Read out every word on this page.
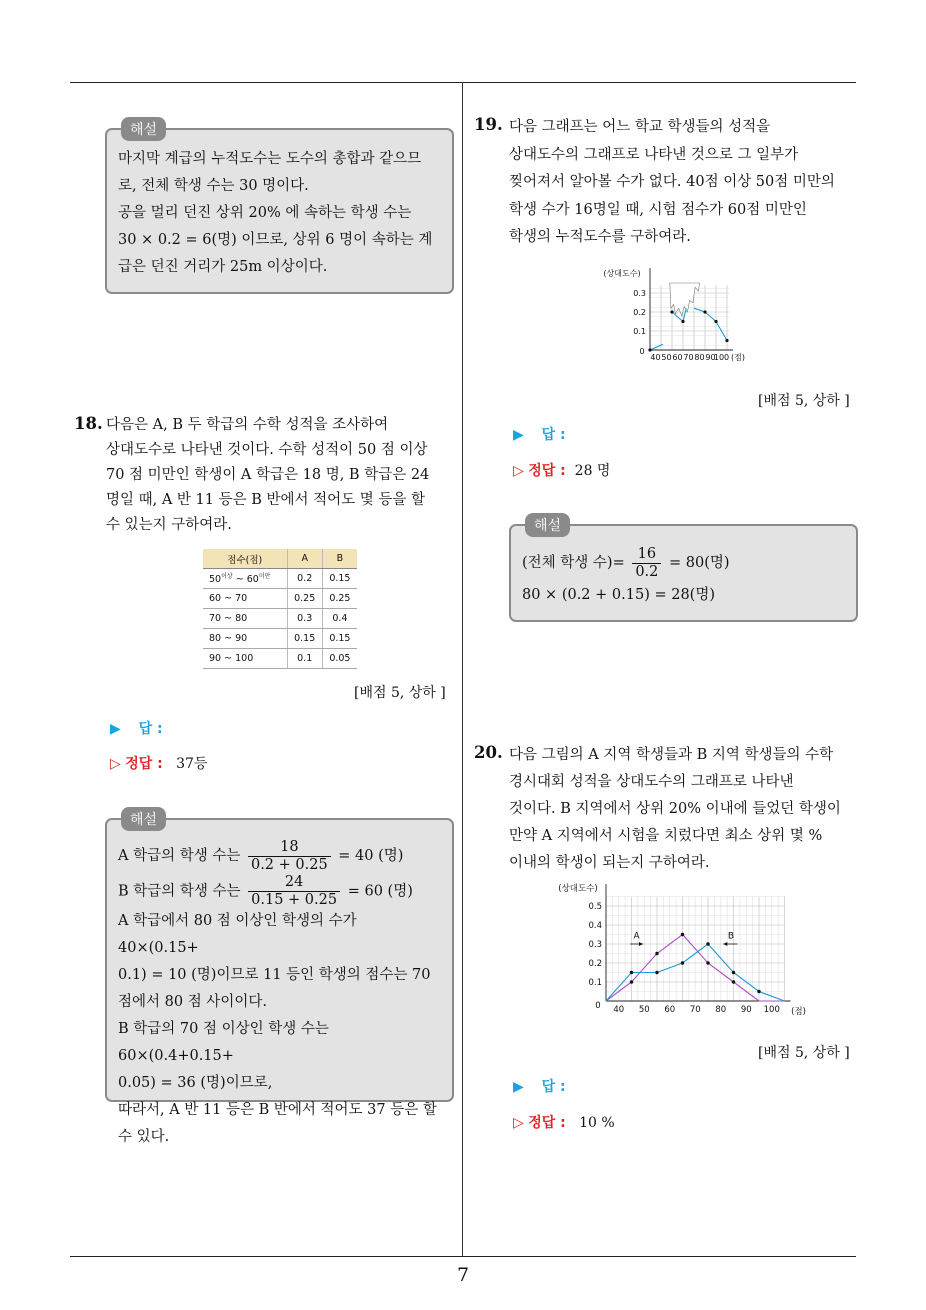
7
해설
마지막 계급의 누적도수는 도수의 총합과 같으므
로, 전체 학생 수는 30 명이다.
공을 멀리 던진 상위 20% 에 속하는 학생 수는
30 × 0.2 = 6(명) 이므로, 상위 6 명이 속하는 계
급은 던진 거리가 25m 이상이다.
18. 다음은 A, B 두 학급의 수학 성적을 조사하여
상대도수로 나타낸 것이다. 수학 성적이 50 점 이상
70 점 미만인 학생이 A 학급은 18 명, B 학급은 24
명일 때, A 반 11 등은 B 반에서 적어도 몇 등을 할
수 있는지 구하여라.
점수(점)	A	B
$50^{이상}$ ~ $60^{미만}$	0.2	0.15
60 ~ 70	0.25	0.25
70 ~ 80	0.3	0.4
80 ~ 90	0.15	0.15
90 ~ 100	0.1	0.05
[배점 5, 상하 ]
▶ 답 :
▷ 정답 : 37등
해설
A 학급의 학생 수는 $\frac{18}{0.2 + 0.25} = 40$ (명)
B 학급의 학생 수는 $\frac{24}{0.15 + 0.25} = 60$ (명)
A 학급에서 80 점 이상인 학생의 수가 40×(0.15+
0.1) = 10 (명)이므로 11 등인 학생의 점수는 70
점에서 80 점 사이이다.
B 학급의 70 점 이상인 학생 수는 60×(0.4+0.15+
0.05) = 36 (명)이므로,
따라서, A 반 11 등은 B 반에서 적어도 37 등은 할
수 있다.
19. 다음 그래프는 어느 학교 학생들의 성적을
상대도수의 그래프로 나타낸 것으로 그 일부가
찢어져서 알아볼 수가 없다. 40점 이상 50점 미만의
학생 수가 16명일 때, 시험 점수가 60점 미만인
학생의 누적도수를 구하여라.
(상대도수)
0.3
0.2
0.1
0
40 50 60 70 80 90
100 (점)
[배점 5, 상하 ]
▶ 답 :
▷ 정답 : 28 명
해설
(전체 학생 수)= $\frac{16}{0.2} = 80$(명)
80 × (0.2 + 0.15) = 28(명)
20. 다음 그림의 A 지역 학생들과 B 지역 학생들의 수학
경시대회 성적을 상대도수의 그래프로 나타낸
것이다. B 지역에서 상위 20% 이내에 들었던 학생이
만약 A 지역에서 시험을 치렀다면 최소 상위 몇 %
이내의 학생이 되는지 구하여라.
A	B
(상대도수)
0.5
0.4
0.3
0.2
0.1
0 40 50 60 70 80 90 100 (점)
[배점 5, 상하 ]
▶ 답 :
▷ 정답 : 10 %
